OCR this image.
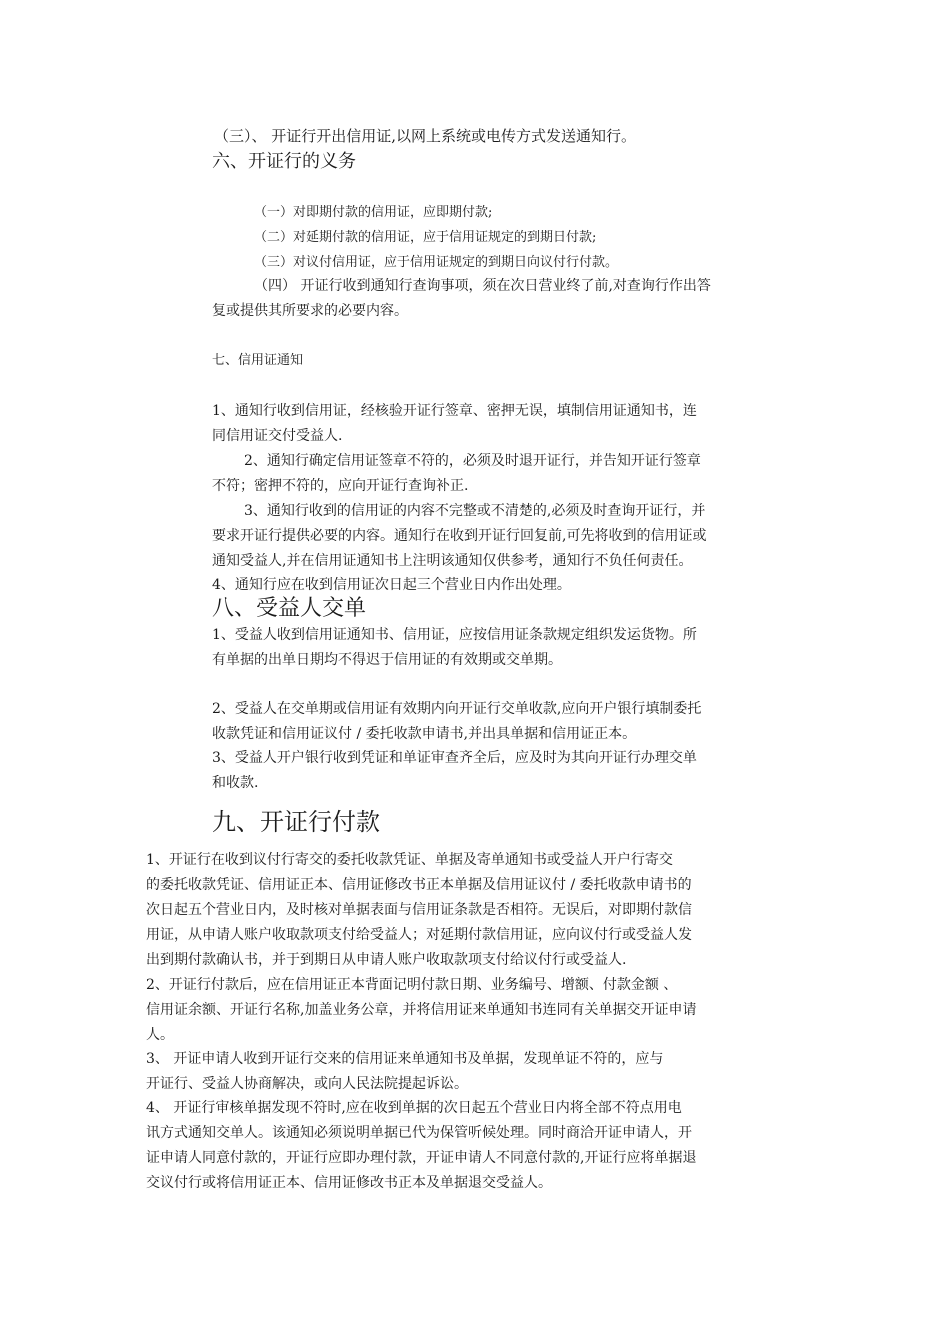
（三）、 开证行开出信用证,以网上系统或电传方式发送通知行。

六、开证行的义务

（一）对即期付款的信用证，应即期付款;

（二）对延期付款的信用证，应于信用证规定的到期日付款;

（三）对议付信用证，应于信用证规定的到期日向议付行付款。

（四） 开证行收到通知行查询事项，须在次日营业终了前,对查询行作出答

复或提供其所要求的必要内容。

七、信用证通知

1、通知行收到信用证，经核验开证行签章、密押无误，填制信用证通知书，连

同信用证交付受益人.

2、通知行确定信用证签章不符的，必须及时退开证行，并告知开证行签章

不符；密押不符的，应向开证行查询补正.

3、通知行收到的信用证的内容不完整或不清楚的,必须及时查询开证行，并

要求开证行提供必要的内容。通知行在收到开证行回复前,可先将收到的信用证或

通知受益人,并在信用证通知书上注明该通知仅供参考，通知行不负任何责任。

4、通知行应在收到信用证次日起三个营业日内作出处理。

八、受益人交单

1、受益人收到信用证通知书、信用证，应按信用证条款规定组织发运货物。所

有单据的出单日期均不得迟于信用证的有效期或交单期。

2、受益人在交单期或信用证有效期内向开证行交单收款,应向开户银行填制委托

收款凭证和信用证议付 / 委托收款申请书,并出具单据和信用证正本。

3、受益人开户银行收到凭证和单证审查齐全后，应及时为其向开证行办理交单

和收款.

九、开证行付款

1、开证行在收到议付行寄交的委托收款凭证、单据及寄单通知书或受益人开户行寄交
的委托收款凭证、信用证正本、信用证修改书正本单据及信用证议付 / 委托收款申请书的
次日起五个营业日内，及时核对单据表面与信用证条款是否相符。无误后，对即期付款信
用证，从申请人账户收取款项支付给受益人；对延期付款信用证，应向议付行或受益人发
出到期付款确认书，并于到期日从申请人账户收取款项支付给议付行或受益人.
2、开证行付款后，应在信用证正本背面记明付款日期、业务编号、增额、付款金额 、
信用证余额、开证行名称,加盖业务公章，并将信用证来单通知书连同有关单据交开证申请
人。
3、 开证申请人收到开证行交来的信用证来单通知书及单据，发现单证不符的，应与
开证行、受益人协商解决，或向人民法院提起诉讼。
4、 开证行审核单据发现不符时,应在收到单据的次日起五个营业日内将全部不符点用电
讯方式通知交单人。该通知必须说明单据已代为保管听候处理。同时商洽开证申请人，开
证申请人同意付款的，开证行应即办理付款，开证申请人不同意付款的,开证行应将单据退
交议付行或将信用证正本、信用证修改书正本及单据退交受益人。
